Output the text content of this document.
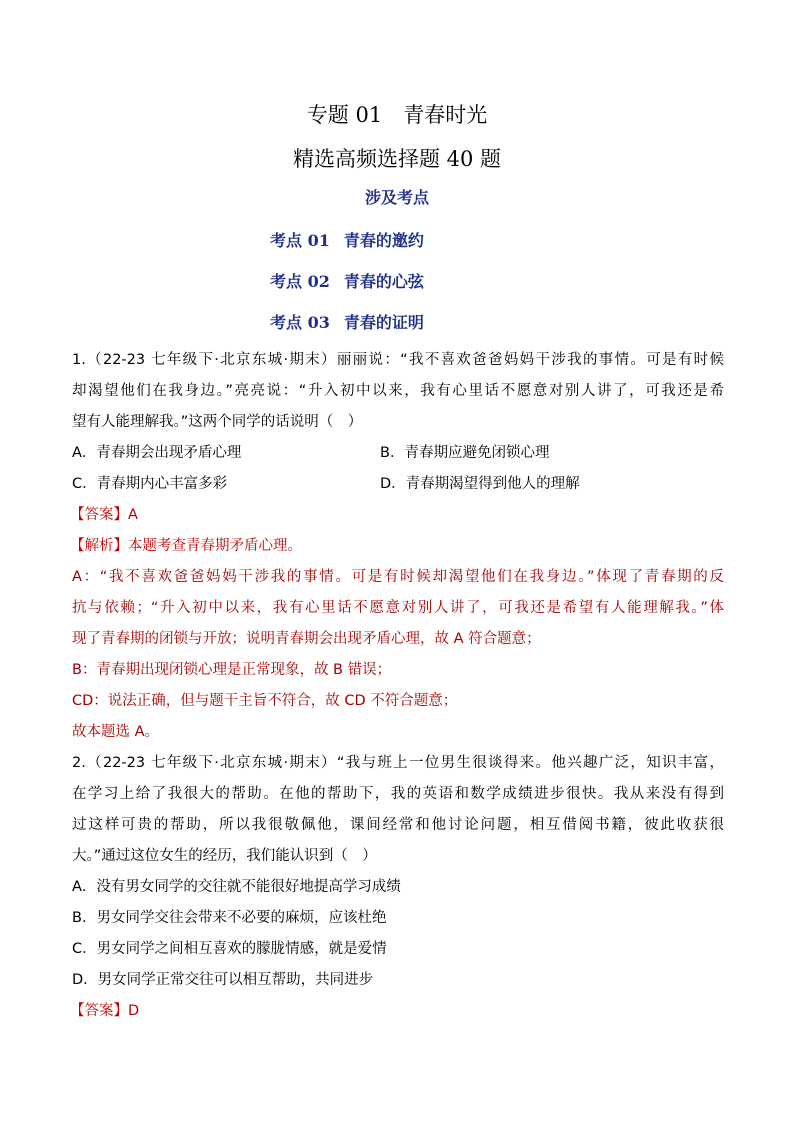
专题 01　青春时光
精选高频选择题 40 题
涉及考点
考点 01 青春的邀约
考点 02 青春的心弦
考点 03 青春的证明
1.（22-23 七年级下·北京东城·期末）丽丽说：“我不喜欢爸爸妈妈干涉我的事情。可是有时候
却渴望他们在我身边。”亮亮说：“升入初中以来，我有心里话不愿意对别人讲了，可我还是希
望有人能理解我。”这两个同学的话说明（　）
A．青春期会出现矛盾心理	B．青春期应避免闭锁心理
C．青春期内心丰富多彩	D．青春期渴望得到他人的理解
【答案】A
【解析】本题考查青春期矛盾心理。
A：“我不喜欢爸爸妈妈干涉我的事情。可是有时候却渴望他们在我身边。”体现了青春期的反
抗与依赖；“升入初中以来，我有心里话不愿意对别人讲了，可我还是希望有人能理解我。”体
现了青春期的闭锁与开放；说明青春期会出现矛盾心理，故 A 符合题意；
B：青春期出现闭锁心理是正常现象，故 B 错误；
CD：说法正确，但与题干主旨不符合，故 CD 不符合题意；
故本题选 A。
2.（22-23 七年级下·北京东城·期末）“我与班上一位男生很谈得来。他兴趣广泛，知识丰富，
在学习上给了我很大的帮助。在他的帮助下，我的英语和数学成绩进步很快。我从来没有得到
过这样可贵的帮助，所以我很敬佩他，课间经常和他讨论问题，相互借阅书籍，彼此收获很
大。”通过这位女生的经历，我们能认识到（　）
A．没有男女同学的交往就不能很好地提高学习成绩
B．男女同学交往会带来不必要的麻烦，应该杜绝
C．男女同学之间相互喜欢的朦胧情感，就是爱情
D．男女同学正常交往可以相互帮助，共同进步
【答案】D
